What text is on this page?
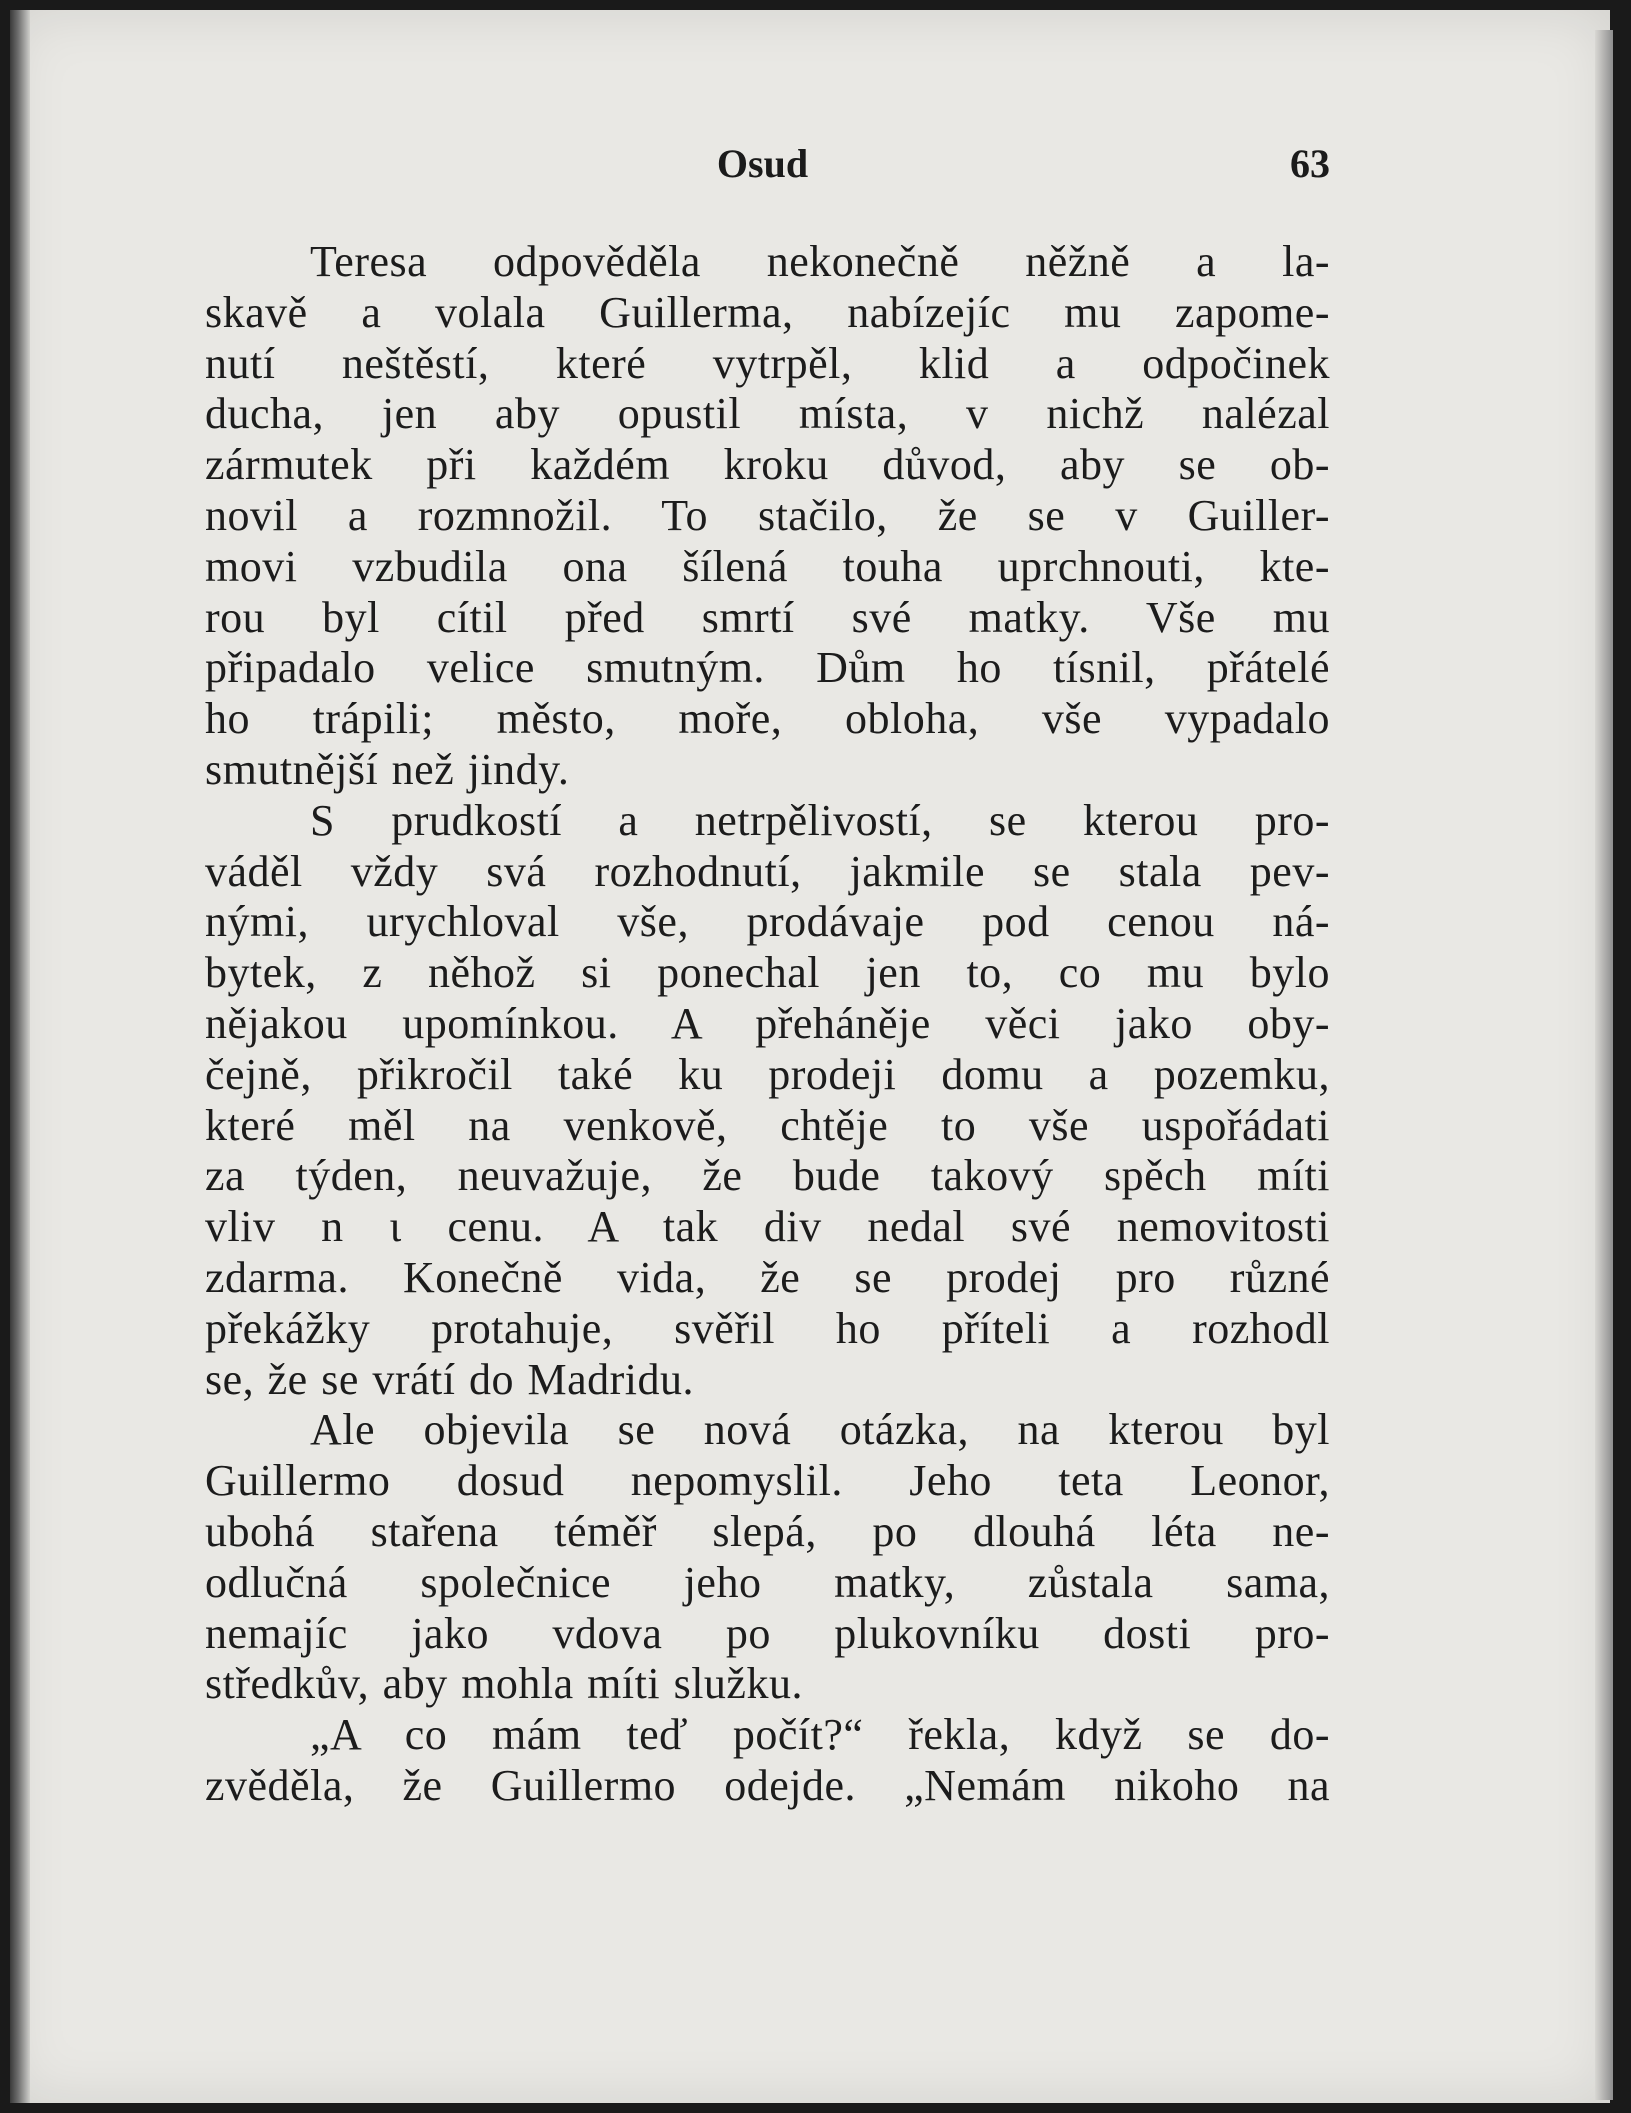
Osud	63
Teresa odpověděla nekonečně něžně a la-
skavě a volala Guillerma, nabízejíc mu zapome-
nutí neštěstí, které vytrpěl, klid a odpočinek
ducha, jen aby opustil místa, v nichž nalézal
zármutek při každém kroku důvod, aby se ob-
novil a rozmnožil. To stačilo, že se v Guiller-
movi vzbudila ona šílená touha uprchnouti, kte-
rou byl cítil před smrtí své matky. Vše mu
připadalo velice smutným. Dům ho tísnil, přátelé
ho trápili; město, moře, obloha, vše vypadalo
smutnější než jindy.
S prudkostí a netrpělivostí, se kterou pro-
váděl vždy svá rozhodnutí, jakmile se stala pev-
nými, urychloval vše, prodávaje pod cenou ná-
bytek, z něhož si ponechal jen to, co mu bylo
nějakou upomínkou. A přeháněje věci jako oby-
čejně, přikročil také ku prodeji domu a pozemku,
které měl na venkově, chtěje to vše uspořádati
za týden, neuvažuje, že bude takový spěch míti
vliv n ι cenu. A tak div nedal své nemovitosti
zdarma. Konečně vida, že se prodej pro různé
překážky protahuje, svěřil ho příteli a rozhodl
se, že se vrátí do Madridu.
Ale objevila se nová otázka, na kterou byl
Guillermo dosud nepomyslil. Jeho teta Leonor,
ubohá stařena téměř slepá, po dlouhá léta ne-
odlučná společnice jeho matky, zůstala sama,
nemajíc jako vdova po plukovníku dosti pro-
středkův, aby mohla míti služku.
„A co mám teď počít?“ řekla, když se do-
zvěděla, že Guillermo odejde. „Nemám nikoho na
